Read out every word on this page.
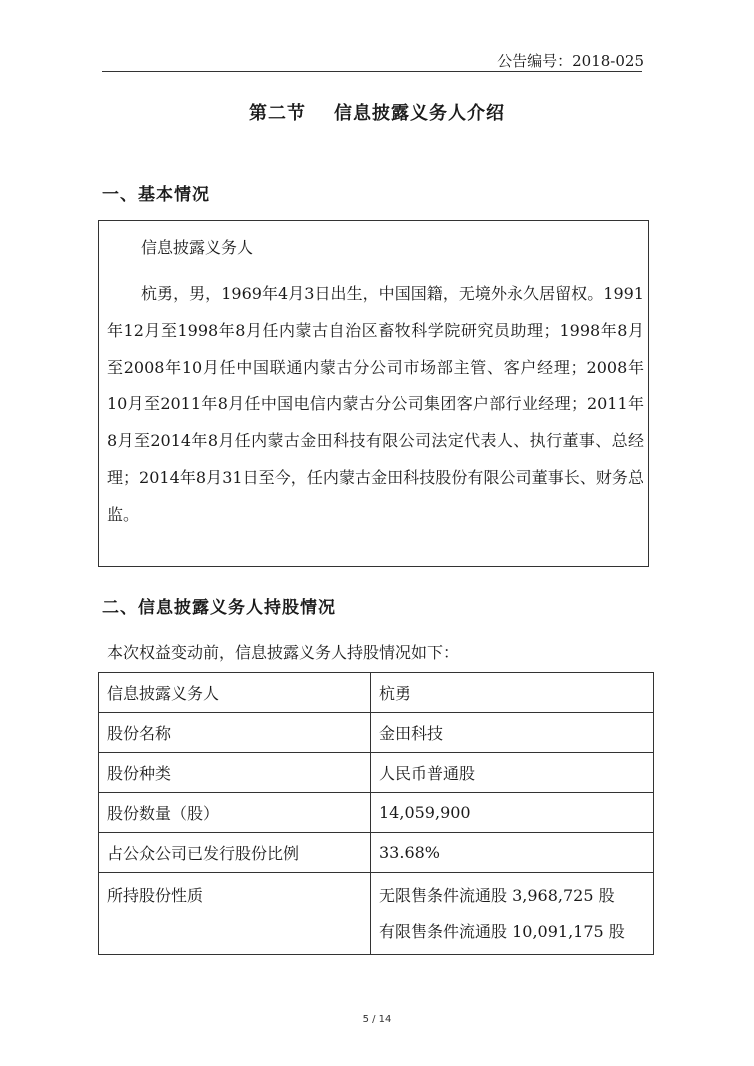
公告编号：2018-025
第二节 信息披露义务人介绍
一、基本情况
信息披露义务人

杭勇，男，1969年4月3日出生，中国国籍，无境外永久居留权。1991年12月至1998年8月任内蒙古自治区畜牧科学院研究员助理；1998年8月至2008年10月任中国联通内蒙古分公司市场部主管、客户经理；2008年10月至2011年8月任中国电信内蒙古分公司集团客户部行业经理；2011年8月至2014年8月任内蒙古金田科技有限公司法定代表人、执行董事、总经理；2014年8月31日至今，任内蒙古金田科技股份有限公司董事长、财务总监。

二、信息披露义务人持股情况
本次权益变动前，信息披露义务人持股情况如下：
信息披露义务人	杭勇
股份名称	金田科技
股份种类	人民币普通股
股份数量（股）	14,059,900
占公众公司已发行股份比例	33.68%
所持股份性质	无限售条件流通股 3,968,725 股
有限售条件流通股 10,091,175 股
5 / 14
